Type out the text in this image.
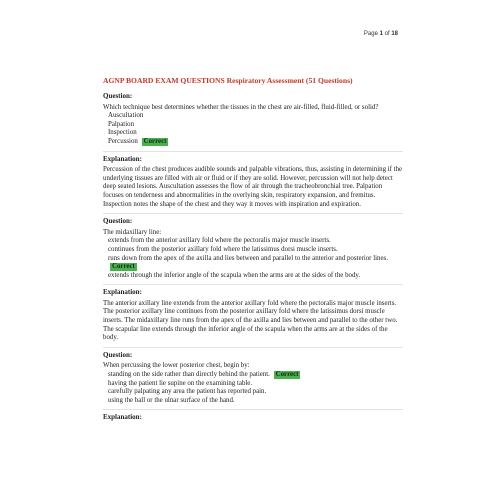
Page 1 of 18
AGNP BOARD EXAM QUESTIONS Respiratory Assessment (51 Questions)
Question:
Which technique best determines whether the tissues in the chest are air-filled, fluid-filled, or solid?
Auscultation
Palpation
Inspection
Percussion Correct
Explanation:
Percussion of the chest produces audible sounds and palpable vibrations, thus, assisting in determining if the underlying tissues are filled with air or fluid or if they are solid. However, percussion will not help detect deep seated lesions. Auscultation assesses the flow of air through the tracheobronchial tree. Palpation focuses on tenderness and abnormalities in the overlying skin, respiratory expansion, and fremitus. Inspection notes the shape of the chest and they way it moves with inspiration and expiration.
Question:
The midaxillary line:
extends from the anterior axillary fold where the pectoralis major muscle inserts.
continues from the posterior axillary fold where the latissimus dorsi muscle inserts.
runs down from the apex of the axilla and lies between and parallel to the anterior and posterior lines. Correct
extends through the inferior angle of the scapula when the arms are at the sides of the body.
Explanation:
The anterior axillary line extends from the anterior axillary fold where the pectoralis major muscle inserts. The posterior axillary line continues from the posterior axillary fold where the latissimus dorsi muscle inserts. The midaxillary line runs from the apex of the axilla and lies between and parallel to the other two. The scapular line extends through the inferior angle of the scapula when the arms are at the sides of the body.
Question:
When percussing the lower posterior chest, begin by:
standing on the side rather than directly behind the patient. Correct
having the patient lie supine on the examining table.
carefully palpating any area the patient has reported pain.
using the ball or the ulnar surface of the hand.
Explanation:
